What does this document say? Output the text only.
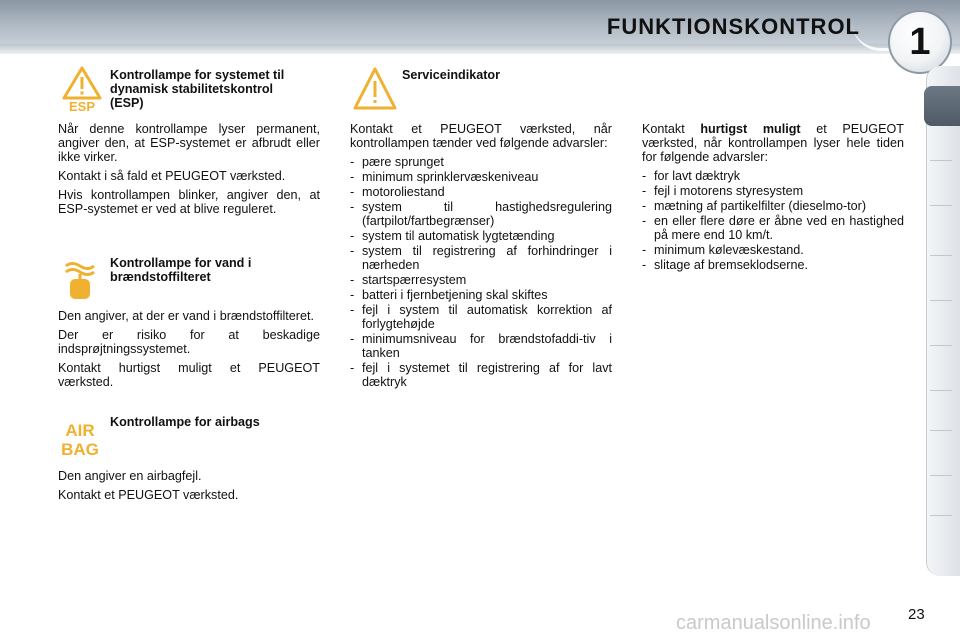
FUNKTIONSKONTROL	1
ESP
Kontrollampe for systemet til dynamisk stabilitetskontrol (ESP)

Når denne kontrollampe lyser permanent, angiver den, at ESP-systemet er afbrudt eller ikke virker.

Kontakt i så fald et PEUGEOT værksted.

Hvis kontrollampen blinker, angiver den, at ESP-systemet er ved at blive reguleret.

Kontrollampe for vand i brændstoffilteret

Den angiver, at der er vand i brændstoffilteret.

Der er risiko for at beskadige indsprøjtningssystemet.

Kontakt hurtigst muligt et PEUGEOT værksted.

AIR
BAG
Kontrollampe for airbags

Den angiver en airbagfejl.

Kontakt et PEUGEOT værksted.

Serviceindikator

Kontakt et PEUGEOT værksted, når kontrollampen tænder ved følgende advarsler:

- pære sprunget
- minimum sprinklervæskeniveau
- motoroliestand
- system til hastighedsregulering (fartpilot/fartbegrænser)
- system til automatisk lygtetænding
- system til registrering af forhindringer i nærheden
- startspærresystem
- batteri i fjernbetjening skal skiftes
- fejl i system til automatisk korrektion af forlygtehøjde
- minimumsniveau for brændstofaddi-tiv i tanken
- fejl i systemet til registrering af for lavt dæktryk

Kontakt hurtigst muligt et PEUGEOT værksted, når kontrollampen lyser hele tiden for følgende advarsler:

- for lavt dæktryk
- fejl i motorens styresystem
- mætning af partikelfilter (dieselmo-tor)
- en eller flere døre er åbne ved en hastighed på mere end 10 km/t.
- minimum kølevæskestand.
- slitage af bremseklodserne.
carmanualsonline.info 23
